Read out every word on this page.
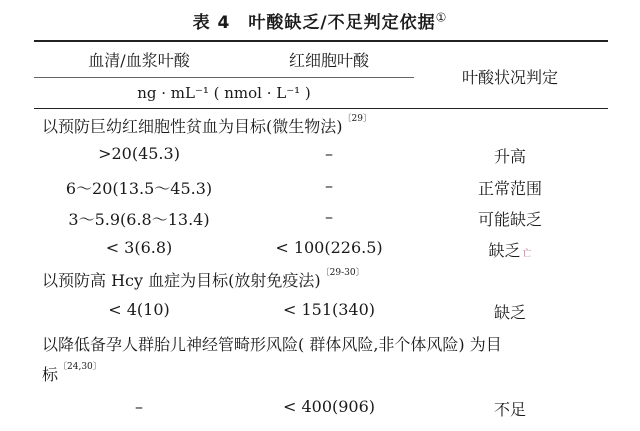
表 4　叶酸缺乏/不足判定依据①
血清/血浆叶酸	红细胞叶酸
叶酸状况判定
ng · mL⁻¹ ( nmol · L⁻¹ )
以预防巨幼红细胞性贫血为目标(微生物法)$^{〔29〕}$
>20(45.3)	–	升高
6～20(13.5～45.3)	–	正常范围
3～5.9(6.8～13.4)	–	可能缺乏
< 3(6.8)	< 100(226.5)	缺乏 亡
以预防高 Hcy 血症为目标(放射免疫法)$^{〔29-30〕}$
< 4(10)	< 151(340)	缺乏
以降低备孕人群胎儿神经管畸形风险( 群体风险,非个体风险) 为目
标$^{〔24,30〕}$
–	< 400(906)	不足
